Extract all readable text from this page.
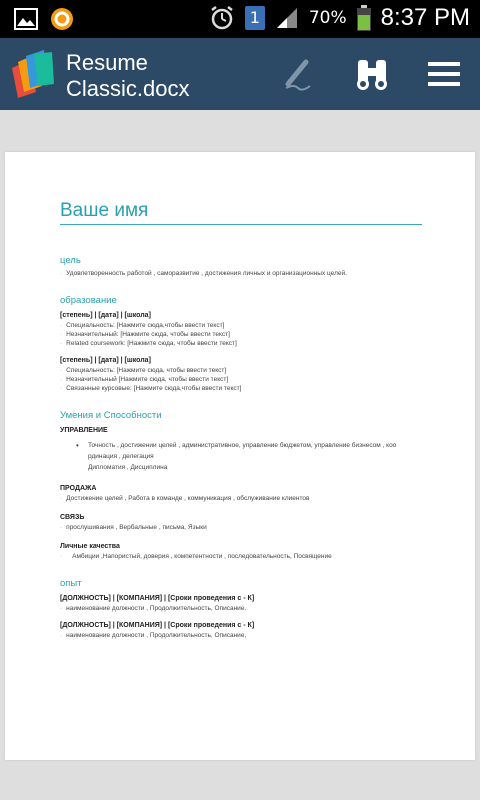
1	70% 8:37 PM
Resume
Classic.docx
Ваше имя
цель
· Удовлетворенность работой , саморазвитие , достижения личных и организационных целей.
образование
[степень] | [дата] | [школа]
· Специальность: [Нажмите сюда,чтобы ввести текст]
· Незначительный: [Нажмите сюда, чтобы ввести текст]
· Related coursework: [Нажмите сюда, чтобы ввести текст]
[степень] | [дата] | [школа]
· Специальность: [Нажмите сюда, чтобы ввести текст]
· Незначительный [Нажмите сюда, чтобы ввести текст]
· Связанные курсовые: [Нажмите сюда,чтобы ввести текст]
Умения и Способности
УПРАВЛЕНИЕ
• Точность , достижении целей , административное, управление бюджетом, управление бизнесом , коо
рдинация , делегация
Дипломатия , Дисциплина
ПРОДАЖА
· Достижение целей , Работа в команде , коммуникация , обслуживание клиентов
СВЯЗЬ
· прослушивания , Вербальные , письма, Языки
Личные качества
· Амбиции ,Напористый, доверия , компетентности , последовательность, Посвящение
опыт
[ДОЛЖНОСТЬ] | [КОМПАНИЯ] | [Сроки проведения с - К]
· наименование должности , Продолжительность, Описание.
[ДОЛЖНОСТЬ] | [КОМПАНИЯ] | [Сроки проведения с - К]
· наименование должности , Продолжительность, Описание,
